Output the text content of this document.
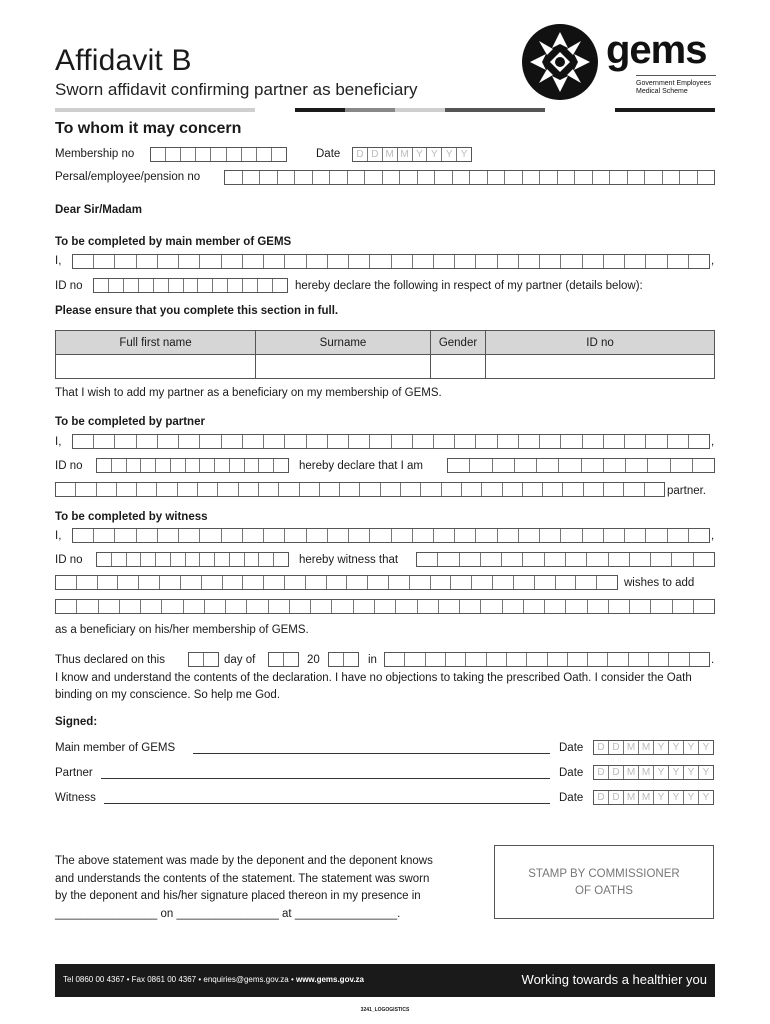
Affidavit B
Sworn affidavit confirming partner as beneficiary
gems
Government Employees
Medical Scheme
To whom it may concern
Membership no	Date	D D M M Y Y Y Y
Persal/employee/pension no
Dear Sir/Madam
To be completed by main member of GEMS
I,	,
ID no	hereby declare the following in respect of my partner (details below):
Please ensure that you complete this section in full.
Full first name	Surname	Gender	ID no

That I wish to add my partner as a beneficiary on my membership of GEMS.
To be completed by partner
I,	,
ID no	hereby declare that I am
partner.
To be completed by witness
I,	,
ID no	hereby witness that
wishes to add
as a beneficiary on his/her membership of GEMS.
Thus declared on this	day of	20	in	.
I know and understand the contents of the declaration. I have no objections to taking the prescribed Oath. I consider the Oath binding on my conscience. So help me God.
Signed:
Main member of GEMS	Date	D D M M Y Y Y Y
Partner	Date	D D M M Y Y Y Y
Witness	Date	D D M M Y Y Y Y
The above statement was made by the deponent and the deponent knows
and understands the contents of the statement. The statement was sworn
by the deponent and his/her signature placed thereon in my presence in
________________ on ________________ at ________________.
STAMP BY COMMISSIONER
OF OATHS
Tel 0860 00 4367 • Fax 0861 00 4367 • enquiries@gems.gov.za • www.gems.gov.za	Working towards a healthier you
3241_LOGOGISTICS
